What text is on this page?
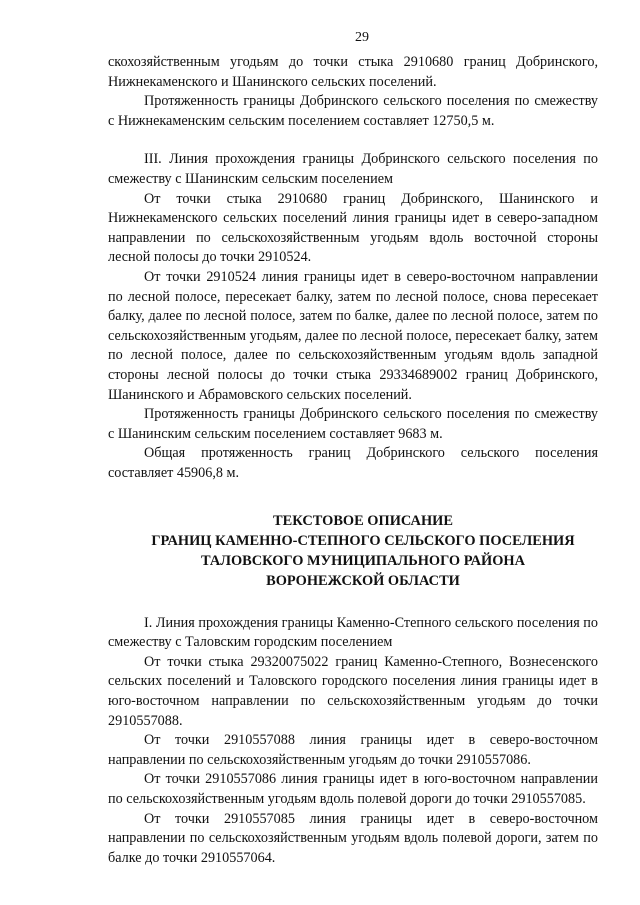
29

скохозяйственным угодьям до точки стыка 2910680 границ Добринского, Нижнекаменского и Шанинского сельских поселений.

Протяженность границы Добринского сельского поселения по смежеству с Нижнекаменским сельским поселением составляет 12750,5 м.

III. Линия прохождения границы Добринского сельского поселения по смежеству с Шанинским сельским поселением

От точки стыка 2910680 границ Добринского, Шанинского и Нижнекаменского сельских поселений линия границы идет в северо-западном направлении по сельскохозяйственным угодьям вдоль восточной стороны лесной полосы до точки 2910524.

От точки 2910524 линия границы идет в северо-восточном направлении по лесной полосе, пересекает балку, затем по лесной полосе, снова пересекает балку, далее по лесной полосе, затем по балке, далее по лесной полосе, затем по сельскохозяйственным угодьям, далее по лесной полосе, пересекает балку, затем по лесной полосе, далее по сельскохозяйственным угодьям вдоль западной стороны лесной полосы до точки стыка 29334689002 границ Добринского, Шанинского и Абрамовского сельских поселений.

Протяженность границы Добринского сельского поселения по смежеству с Шанинским сельским поселением составляет 9683 м.

Общая протяженность границ Добринского сельского поселения составляет 45906,8 м.

ТЕКСТОВОЕ ОПИСАНИЕ
ГРАНИЦ КАМЕННО-СТЕПНОГО СЕЛЬСКОГО ПОСЕЛЕНИЯ
ТАЛОВСКОГО МУНИЦИПАЛЬНОГО РАЙОНА
ВОРОНЕЖСКОЙ ОБЛАСТИ

I. Линия прохождения границы Каменно-Степного сельского поселения по смежеству с Таловским городским поселением

От точки стыка 29320075022 границ Каменно-Степного, Вознесенского сельских поселений и Таловского городского поселения линия границы идет в юго-восточном направлении по сельскохозяйственным угодьям до точки 2910557088.

От точки 2910557088 линия границы идет в северо-восточном направлении по сельскохозяйственным угодьям до точки 2910557086.

От точки 2910557086 линия границы идет в юго-восточном направлении по сельскохозяйственным угодьям вдоль полевой дороги до точки 2910557085.

От точки 2910557085 линия границы идет в северо-восточном направлении по сельскохозяйственным угодьям вдоль полевой дороги, затем по балке до точки 2910557064.
